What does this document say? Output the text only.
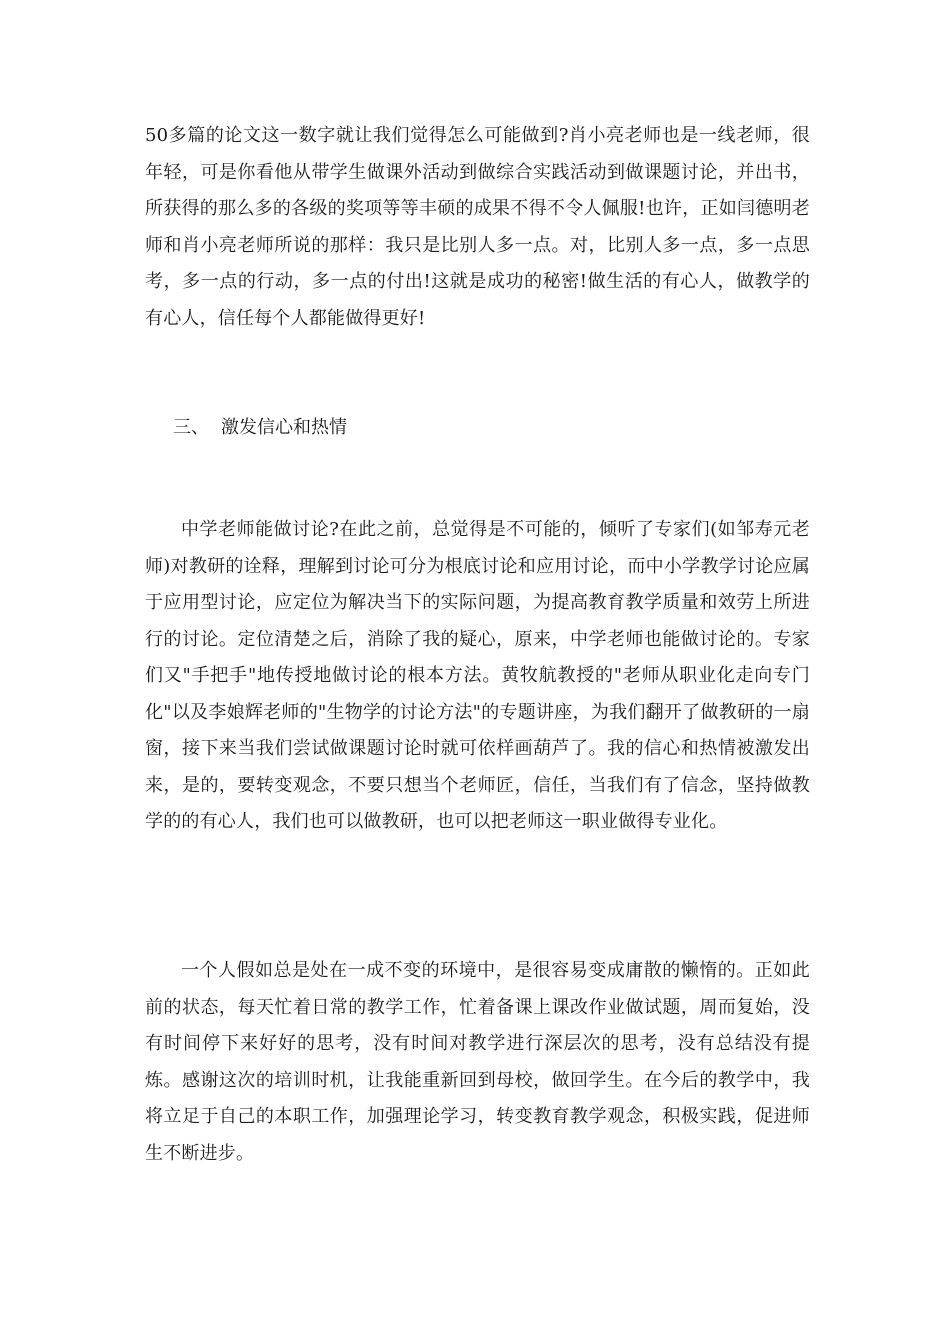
50多篇的论文这一数字就让我们觉得怎么可能做到?肖小亮老师也是一线老师，很年轻，可是你看他从带学生做课外活动到做综合实践活动到做课题讨论，并出书，所获得的那么多的各级的奖项等等丰硕的成果不得不令人佩服!也许，正如闫德明老师和肖小亮老师所说的那样：我只是比别人多一点。对，比别人多一点，多一点思考，多一点的行动，多一点的付出!这就是成功的秘密!做生活的有心人，做教学的有心人，信任每个人都能做得更好!

三、 激发信心和热情

中学老师能做讨论?在此之前，总觉得是不可能的，倾听了专家们(如邹寿元老师)对教研的诠释，理解到讨论可分为根底讨论和应用讨论，而中小学教学讨论应属于应用型讨论，应定位为解决当下的实际问题，为提高教育教学质量和效劳上所进行的讨论。定位清楚之后，消除了我的疑心，原来，中学老师也能做讨论的。专家们又"手把手"地传授地做讨论的根本方法。黄牧航教授的"老师从职业化走向专门化"以及李娘辉老师的"生物学的讨论方法"的专题讲座，为我们翻开了做教研的一扇窗，接下来当我们尝试做课题讨论时就可依样画葫芦了。我的信心和热情被激发出来，是的，要转变观念，不要只想当个老师匠，信任，当我们有了信念，坚持做教学的的有心人，我们也可以做教研，也可以把老师这一职业做得专业化。

一个人假如总是处在一成不变的环境中，是很容易变成庸散的懒惰的。正如此前的状态，每天忙着日常的教学工作，忙着备课上课改作业做试题，周而复始，没有时间停下来好好的思考，没有时间对教学进行深层次的思考，没有总结没有提炼。感谢这次的培训时机，让我能重新回到母校，做回学生。在今后的教学中，我将立足于自己的本职工作，加强理论学习，转变教育教学观念，积极实践，促进师生不断进步。
